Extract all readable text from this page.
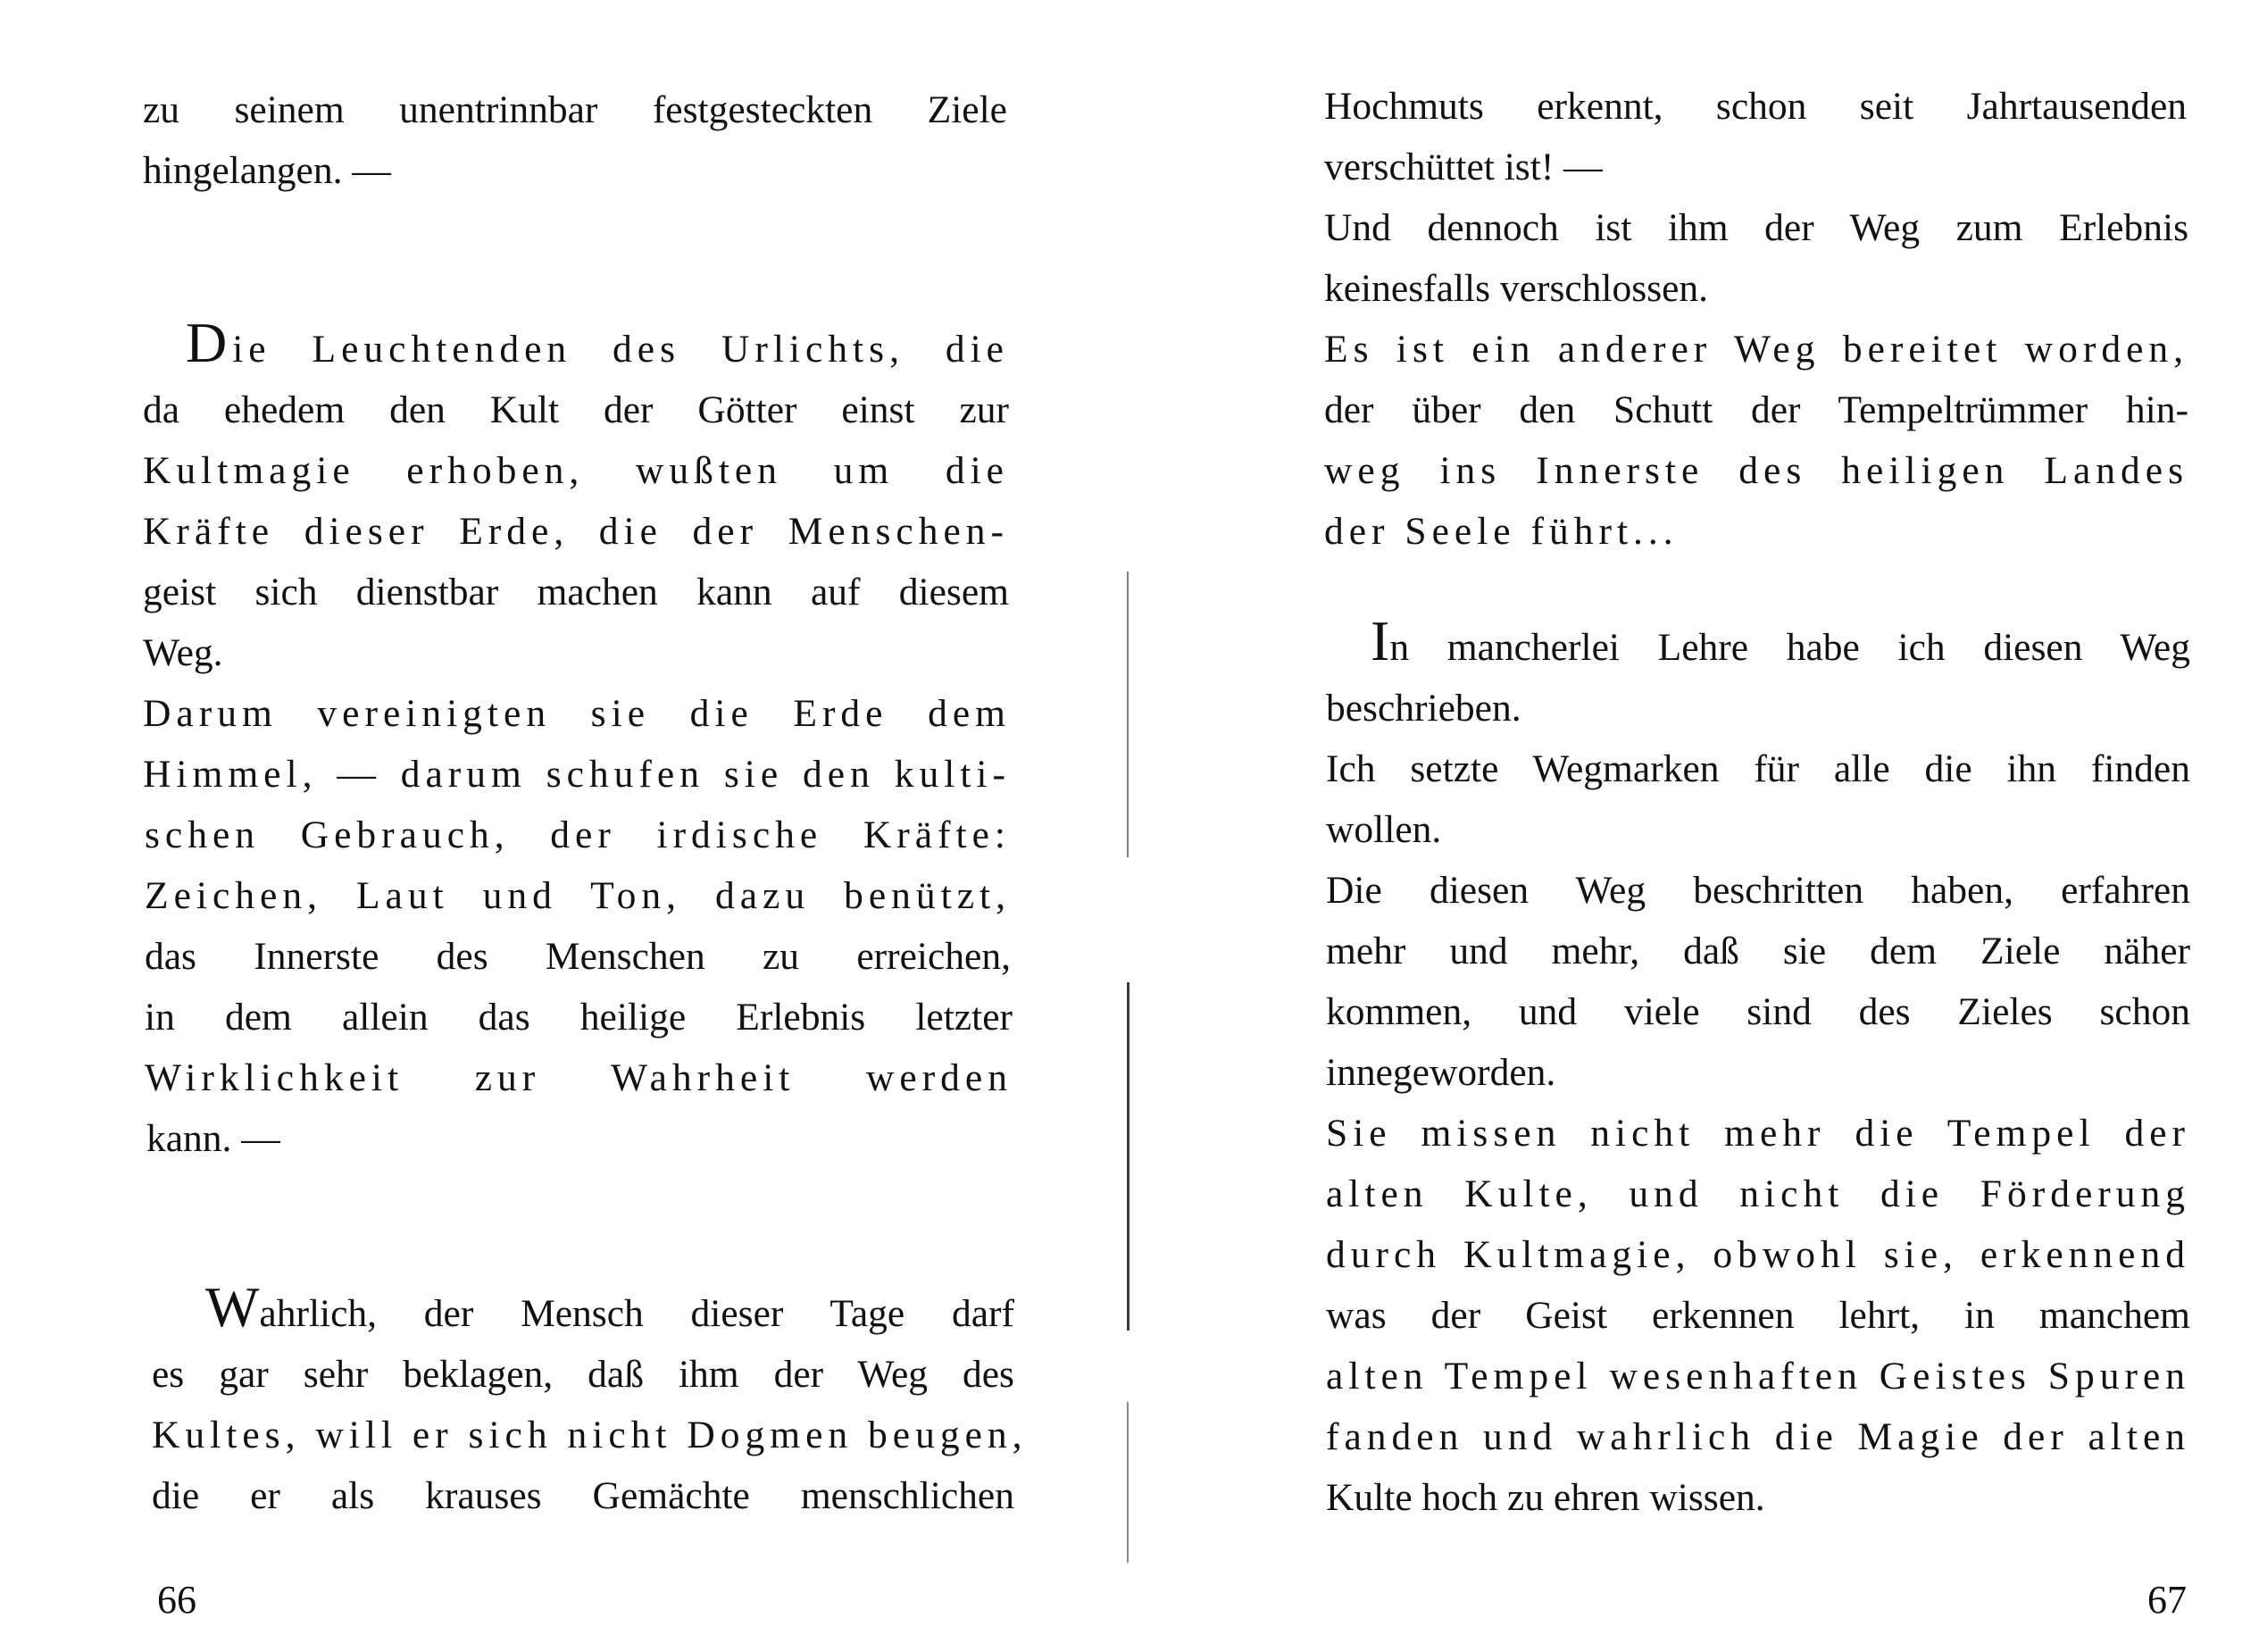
zu seinem unentrinnbar festgesteckten Ziele
hingelangen. —
Die Leuchtenden des Urlichts, die
da ehedem den Kult der Götter einst zur
Kultmagie erhoben, wußten um die
Kräfte dieser Erde, die der Menschen-
geist sich dienstbar machen kann auf diesem
Weg.
Darum vereinigten sie die Erde dem
Himmel, — darum schufen sie den kulti-
schen Gebrauch, der irdische Kräfte:
Zeichen, Laut und Ton, dazu benützt,
das Innerste des Menschen zu erreichen,
in dem allein das heilige Erlebnis letzter
Wirklichkeit zur Wahrheit werden
kann. —
Wahrlich, der Mensch dieser Tage darf
es gar sehr beklagen, daß ihm der Weg des
Kultes, will er sich nicht Dogmen beugen,
die er als krauses Gemächte menschlichen
66
Hochmuts erkennt, schon seit Jahrtausenden
verschüttet ist! —
Und dennoch ist ihm der Weg zum Erlebnis
keinesfalls verschlossen.
Es ist ein anderer Weg bereitet worden,
der über den Schutt der Tempeltrümmer hin-
weg ins Innerste des heiligen Landes
der Seele führt...
In mancherlei Lehre habe ich diesen Weg
beschrieben.
Ich setzte Wegmarken für alle die ihn finden
wollen.
Die diesen Weg beschritten haben, erfahren
mehr und mehr, daß sie dem Ziele näher
kommen, und viele sind des Zieles schon
innegeworden.
Sie missen nicht mehr die Tempel der
alten Kulte, und nicht die Förderung
durch Kultmagie, obwohl sie, erkennend
was der Geist erkennen lehrt, in manchem
alten Tempel wesenhaften Geistes Spuren
fanden und wahrlich die Magie der alten
Kulte hoch zu ehren wissen.
67
